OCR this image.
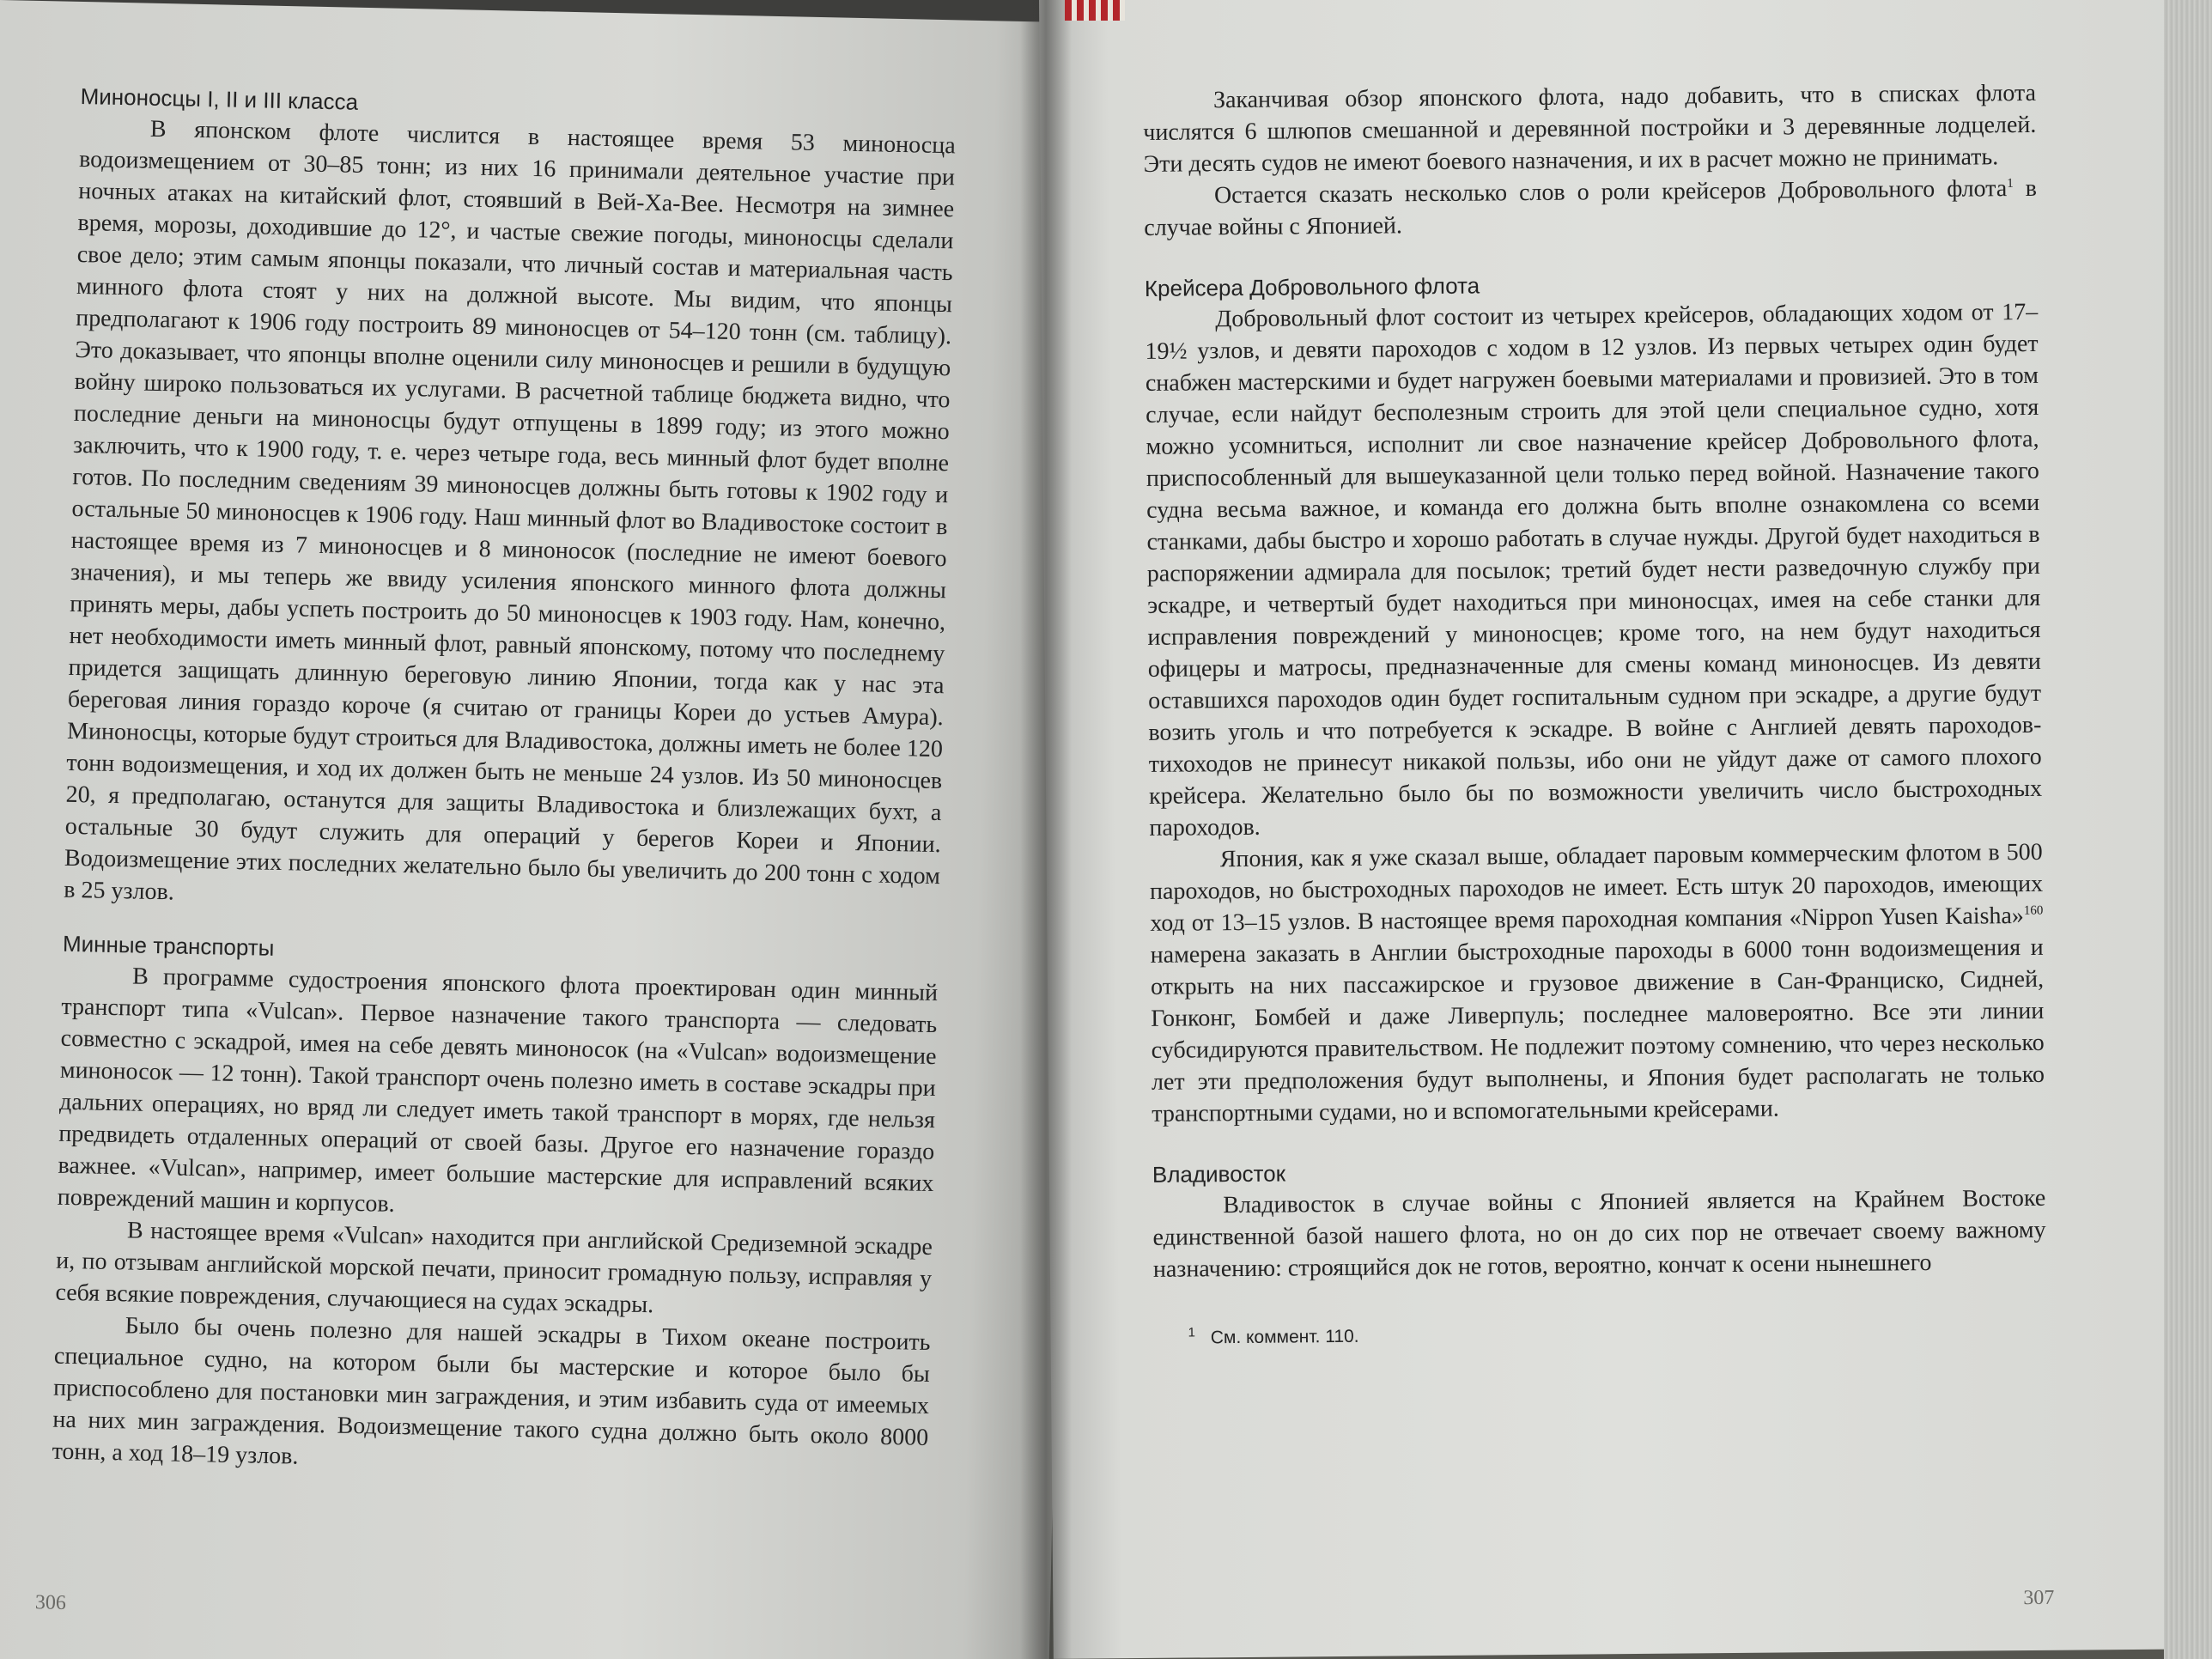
Миноносцы I, II и III класса

В японском флоте числится в настоящее время 53 миноносца водоизмещением от 30–85 тонн; из них 16 принимали деятельное участие при ночных атаках на китайский флот, стоявший в Вей-Ха-Вее. Несмотря на зимнее время, морозы, доходившие до 12°, и частые свежие погоды, миноносцы сделали свое дело; этим самым японцы показали, что личный состав и материальная часть минного флота стоят у них на должной высоте. Мы видим, что японцы предполагают к 1906 году построить 89 миноносцев от 54–120 тонн (см. таблицу). Это доказывает, что японцы вполне оценили силу миноносцев и решили в будущую войну широко пользоваться их услугами. В расчетной таблице бюджета видно, что последние деньги на миноносцы будут отпущены в 1899 году; из этого можно заключить, что к 1900 году, т. е. через четыре года, весь минный флот будет вполне готов. По последним сведениям 39 миноносцев должны быть готовы к 1902 году и остальные 50 миноносцев к 1906 году. Наш минный флот во Владивостоке состоит в настоящее время из 7 миноносцев и 8 миноносок (последние не имеют боевого значения), и мы теперь же ввиду усиления японского минного флота должны принять меры, дабы успеть построить до 50 миноносцев к 1903 году. Нам, конечно, нет необходимости иметь минный флот, равный японскому, потому что последнему придется защищать длинную береговую линию Японии, тогда как у нас эта береговая линия гораздо короче (я считаю от границы Кореи до устьев Амура). Миноносцы, которые будут строиться для Владивостока, должны иметь не более 120 тонн водоизмещения, и ход их должен быть не меньше 24 узлов. Из 50 миноносцев 20, я предполагаю, останутся для защиты Владивостока и близлежащих бухт, а остальные 30 будут служить для операций у берегов Кореи и Японии. Водоизмещение этих последних желательно было бы увеличить до 200 тонн с ходом в 25 узлов.

Минные транспорты

В программе судостроения японского флота проектирован один минный транспорт типа «Vulcan». Первое назначение такого транспорта — следовать совместно с эскадрой, имея на себе девять миноносок (на «Vulcan» водоизмещение миноносок — 12 тонн). Такой транспорт очень полезно иметь в составе эскадры при дальних операциях, но вряд ли следует иметь такой транспорт в морях, где нельзя предвидеть отдаленных операций от своей базы. Другое его назначение гораздо важнее. «Vulcan», например, имеет большие мастерские для исправлений всяких повреждений машин и корпусов.

В настоящее время «Vulcan» находится при английской Средиземной эскадре и, по отзывам английской морской печати, приносит громадную пользу, исправляя у себя всякие повреждения, случающиеся на судах эскадры.

Было бы очень полезно для нашей эскадры в Тихом океане построить специальное судно, на котором были бы мастерские и которое было бы приспособлено для постановки мин заграждения, и этим избавить суда от имеемых на них мин заграждения. Водоизмещение такого судна должно быть около 8000 тонн, а ход 18–19 узлов.

306

Заканчивая обзор японского флота, надо добавить, что в списках флота числятся 6 шлюпов смешанной и деревянной постройки и 3 деревянные лодцелей. Эти десять судов не имеют боевого назначения, и их в расчет можно не принимать.

Остается сказать несколько слов о роли крейсеров Добровольного флота$^1$ в случае войны с Японией.

Крейсера Добровольного флота

Добровольный флот состоит из четырех крейсеров, обладающих ходом от 17–19½ узлов, и девяти пароходов с ходом в 12 узлов. Из первых четырех один будет снабжен мастерскими и будет нагружен боевыми материалами и провизией. Это в том случае, если найдут бесполезным строить для этой цели специальное судно, хотя можно усомниться, исполнит ли свое назначение крейсер Добровольного флота, приспособленный для вышеуказанной цели только перед войной. Назначение такого судна весьма важное, и команда его должна быть вполне ознакомлена со всеми станками, дабы быстро и хорошо работать в случае нужды. Другой будет находиться в распоряжении адмирала для посылок; третий будет нести разведочную службу при эскадре, и четвертый будет находиться при миноносцах, имея на себе станки для исправления повреждений у миноносцев; кроме того, на нем будут находиться офицеры и матросы, предназначенные для смены команд миноносцев. Из девяти оставшихся пароходов один будет госпитальным судном при эскадре, а другие будут возить уголь и что потребуется к эскадре. В войне с Англией девять пароходов-тихоходов не принесут никакой пользы, ибо они не уйдут даже от самого плохого крейсера. Желательно было бы по возможности увеличить число быстроходных пароходов.

Япония, как я уже сказал выше, обладает паровым коммерческим флотом в 500 пароходов, но быстроходных пароходов не имеет. Есть штук 20 пароходов, имеющих ход от 13–15 узлов. В настоящее время пароходная компания «Nippon Yusen Kaisha»$^{160}$ намерена заказать в Англии быстроходные пароходы в 6000 тонн водоизмещения и открыть на них пассажирское и грузовое движение в Сан-Франциско, Сидней, Гонконг, Бомбей и даже Ливерпуль; последнее маловероятно. Все эти линии субсидируются правительством. Не подлежит поэтому сомнению, что через несколько лет эти предположения будут выполнены, и Япония будет располагать не только транспортными судами, но и вспомогательными крейсерами.

Владивосток

Владивосток в случае войны с Японией является на Крайнем Востоке единственной базой нашего флота, но он до сих пор не отвечает своему важному назначению: строящийся док не готов, вероятно, кончат к осени нынешнего

$^1$ См. коммент. 110.
307
